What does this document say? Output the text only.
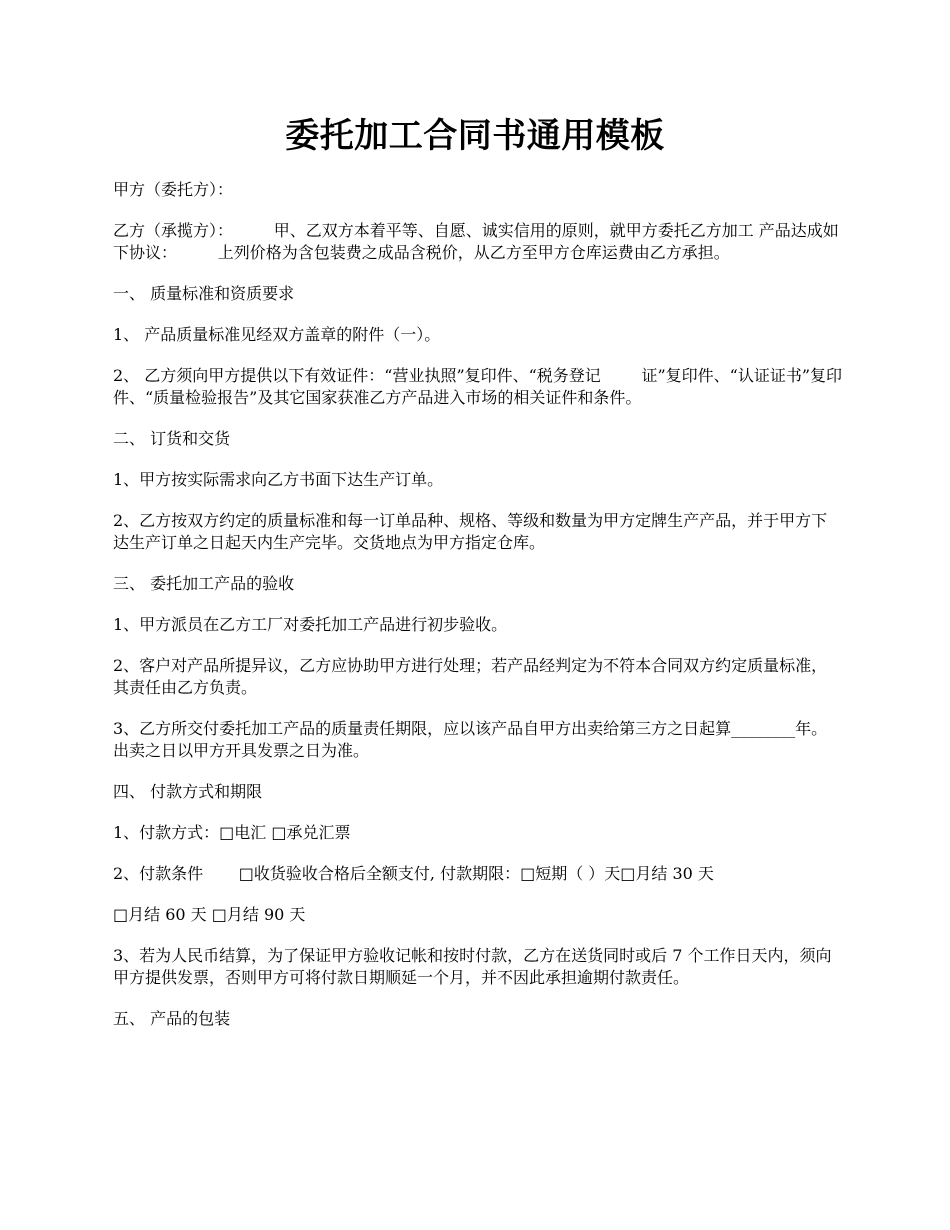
委托加工合同书通用模板

甲方（委托方）：

乙方（承揽方）：        甲、乙双方本着平等、自愿、诚实信用的原则，就甲方委托乙方加工 产品达成如下协议：        上列价格为含包装费之成品含税价，从乙方至甲方仓库运费由乙方承担。

一、 质量标准和资质要求

1、 产品质量标准见经双方盖章的附件（一）。

2、 乙方须向甲方提供以下有效证件：“营业执照”复印件、“税务登记        证”复印件、“认证证书”复印件、“质量检验报告”及其它国家获准乙方产品进入市场的相关证件和条件。

二、 订货和交货

1、甲方按实际需求向乙方书面下达生产订单。

2、乙方按双方约定的质量标准和每一订单品种、规格、等级和数量为甲方定牌生产产品，并于甲方下达生产订单之日起天内生产完毕。交货地点为甲方指定仓库。

三、 委托加工产品的验收

1、甲方派员在乙方工厂对委托加工产品进行初步验收。

2、客户对产品所提异议，乙方应协助甲方进行处理；若产品经判定为不符本合同双方约定质量标准，其责任由乙方负责。

3、乙方所交付委托加工产品的质量责任期限，应以该产品自甲方出卖给第三方之日起算________年。出卖之日以甲方开具发票之日为准。

四、 付款方式和期限

1、付款方式：□电汇 □承兑汇票

2、付款条件       □收货验收合格后全额支付, 付款期限：□短期（ ）天□月结 30 天

□月结 60 天 □月结 90 天

3、若为人民币结算，为了保证甲方验收记帐和按时付款，乙方在送货同时或后 7 个工作日天内，须向甲方提供发票，否则甲方可将付款日期顺延一个月，并不因此承担逾期付款责任。

五、 产品的包装
